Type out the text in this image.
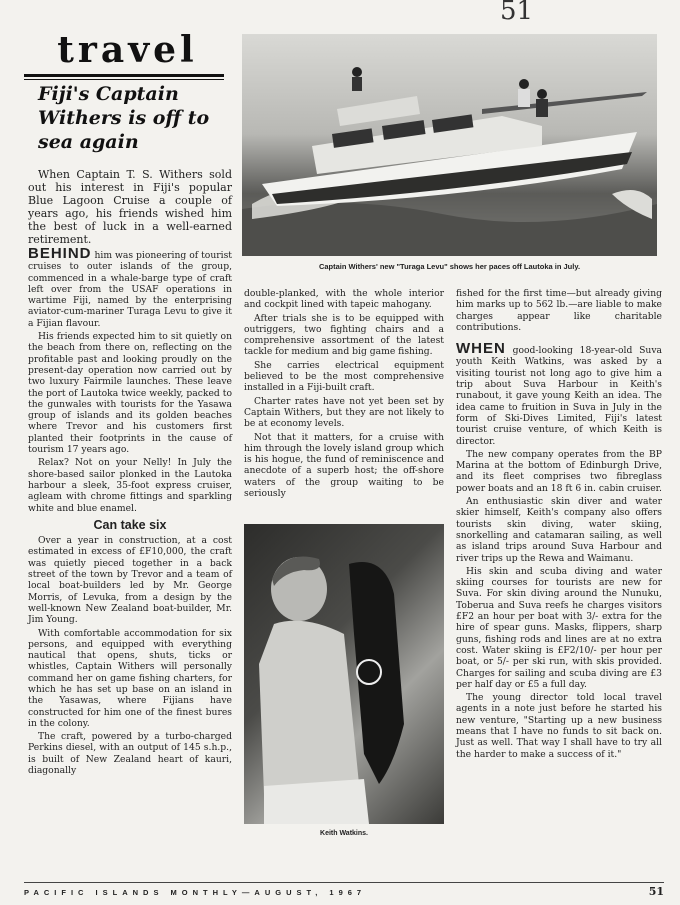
51
travel
Fiji's Captain Withers is off to sea again
Captain Withers' new "Turaga Levu" shows her paces off Lautoka in July.

When Captain T. S. Withers sold out his interest in Fiji's popular Blue Lagoon Cruise a couple of years ago, his friends wished him the best of luck in a well-earned retirement.

BEHIND him was pioneering of tourist cruises to outer islands of the group, commenced in a whale-barge type of craft left over from the USAF operations in wartime Fiji, named by the enterprising aviator-cum-mariner Turaga Levu to give it a Fijian flavour.

His friends expected him to sit quietly on the beach from there on, reflecting on the profitable past and looking proudly on the present-day operation now carried out by two luxury Fairmile launches. These leave the port of Lautoka twice weekly, packed to the gunwales with tourists for the Yasawa group of islands and its golden beaches where Trevor and his customers first planted their footprints in the cause of tourism 17 years ago.

Relax? Not on your Nelly! In July the shore-based sailor plonked in the Lautoka harbour a sleek, 35-foot express cruiser, agleam with chrome fittings and sparkling white and blue enamel.

Can take six

Over a year in construction, at a cost estimated in excess of £F10,000, the craft was quietly pieced together in a back street of the town by Trevor and a team of local boat-builders led by Mr. George Morris, of Levuka, from a design by the well-known New Zealand boat-builder, Mr. Jim Young.

With comfortable accommodation for six persons, and equipped with everything nautical that opens, shuts, ticks or whistles, Captain Withers will personally command her on game fishing charters, for which he has set up base on an island in the Yasawas, where Fijians have constructed for him one of the finest bures in the colony.

The craft, powered by a turbo-charged Perkins diesel, with an output of 145 s.h.p., is built of New Zealand heart of kauri, diagonally

double-planked, with the whole interior and cockpit lined with tapeic mahogany.

After trials she is to be equipped with outriggers, two fighting chairs and a comprehensive assortment of the latest tackle for medium and big game fishing.

She carries electrical equipment believed to be the most comprehensive installed in a Fiji-built craft.

Charter rates have not yet been set by Captain Withers, but they are not likely to be at economy levels.

Not that it matters, for a cruise with him through the lovely island group which is his hogue, the fund of reminiscence and anecdote of a superb host; the off-shore waters of the group waiting to be seriously

Keith Watkins.

fished for the first time—but already giving him marks up to 562 lb.—are liable to make charges appear like charitable contributions.

WHEN good-looking 18-year-old Suva youth Keith Watkins, was asked by a visiting tourist not long ago to give him a trip about Suva Harbour in Keith's runabout, it gave young Keith an idea. The idea came to fruition in Suva in July in the form of Ski-Dives Limited, Fiji's latest tourist cruise venture, of which Keith is director.

The new company operates from the BP Marina at the bottom of Edinburgh Drive, and its fleet comprises two fibreglass power boats and an 18 ft 6 in. cabin cruiser.

An enthusiastic skin diver and water skier himself, Keith's company also offers tourists skin diving, water skiing, snorkelling and catamaran sailing, as well as island trips around Suva Harbour and river trips up the Rewa and Waimanu.

His skin and scuba diving and water skiing courses for tourists are new for Suva. For skin diving around the Nunuku, Toberua and Suva reefs he charges visitors £F2 an hour per boat with 3/- extra for the hire of spear guns. Masks, flippers, sharp guns, fishing rods and lines are at no extra cost. Water skiing is £F2/10/- per hour per boat, or 5/- per ski run, with skis provided. Charges for sailing and scuba diving are £3 per half day or £5 a full day.

The young director told local travel agents in a note just before he started his new venture, "Starting up a new business means that I have no funds to sit back on. Just as well. That way I shall have to try all the harder to make a success of it."

PACIFIC ISLANDS MONTHLY—AUGUST, 1967	51
